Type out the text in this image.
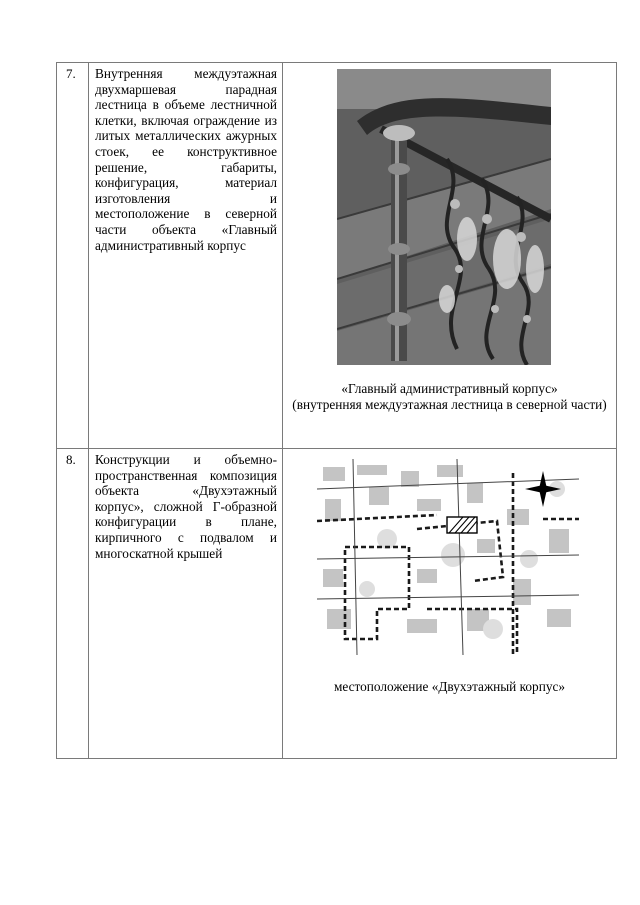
7.	Внутренняя междуэтажная двухмаршевая парадная лестница в объеме лестничной клетки, включая ограждение из литых металлических ажурных стоек, ее конструктивное решение, габариты, конфигурация, материал изготовления и местоположение в северной части объекта «Главный административный корпус	«Главный административный корпус»
(внутренняя междуэтажная лестница в северной части)

8.	Конструкции и объемно-пространственная композиция объекта «Двухэтажный корпус», сложной Г-образной конфигурации в плане, кирпичного с подвалом и многоскатной крышей	местоположение «Двухэтажный корпус»
